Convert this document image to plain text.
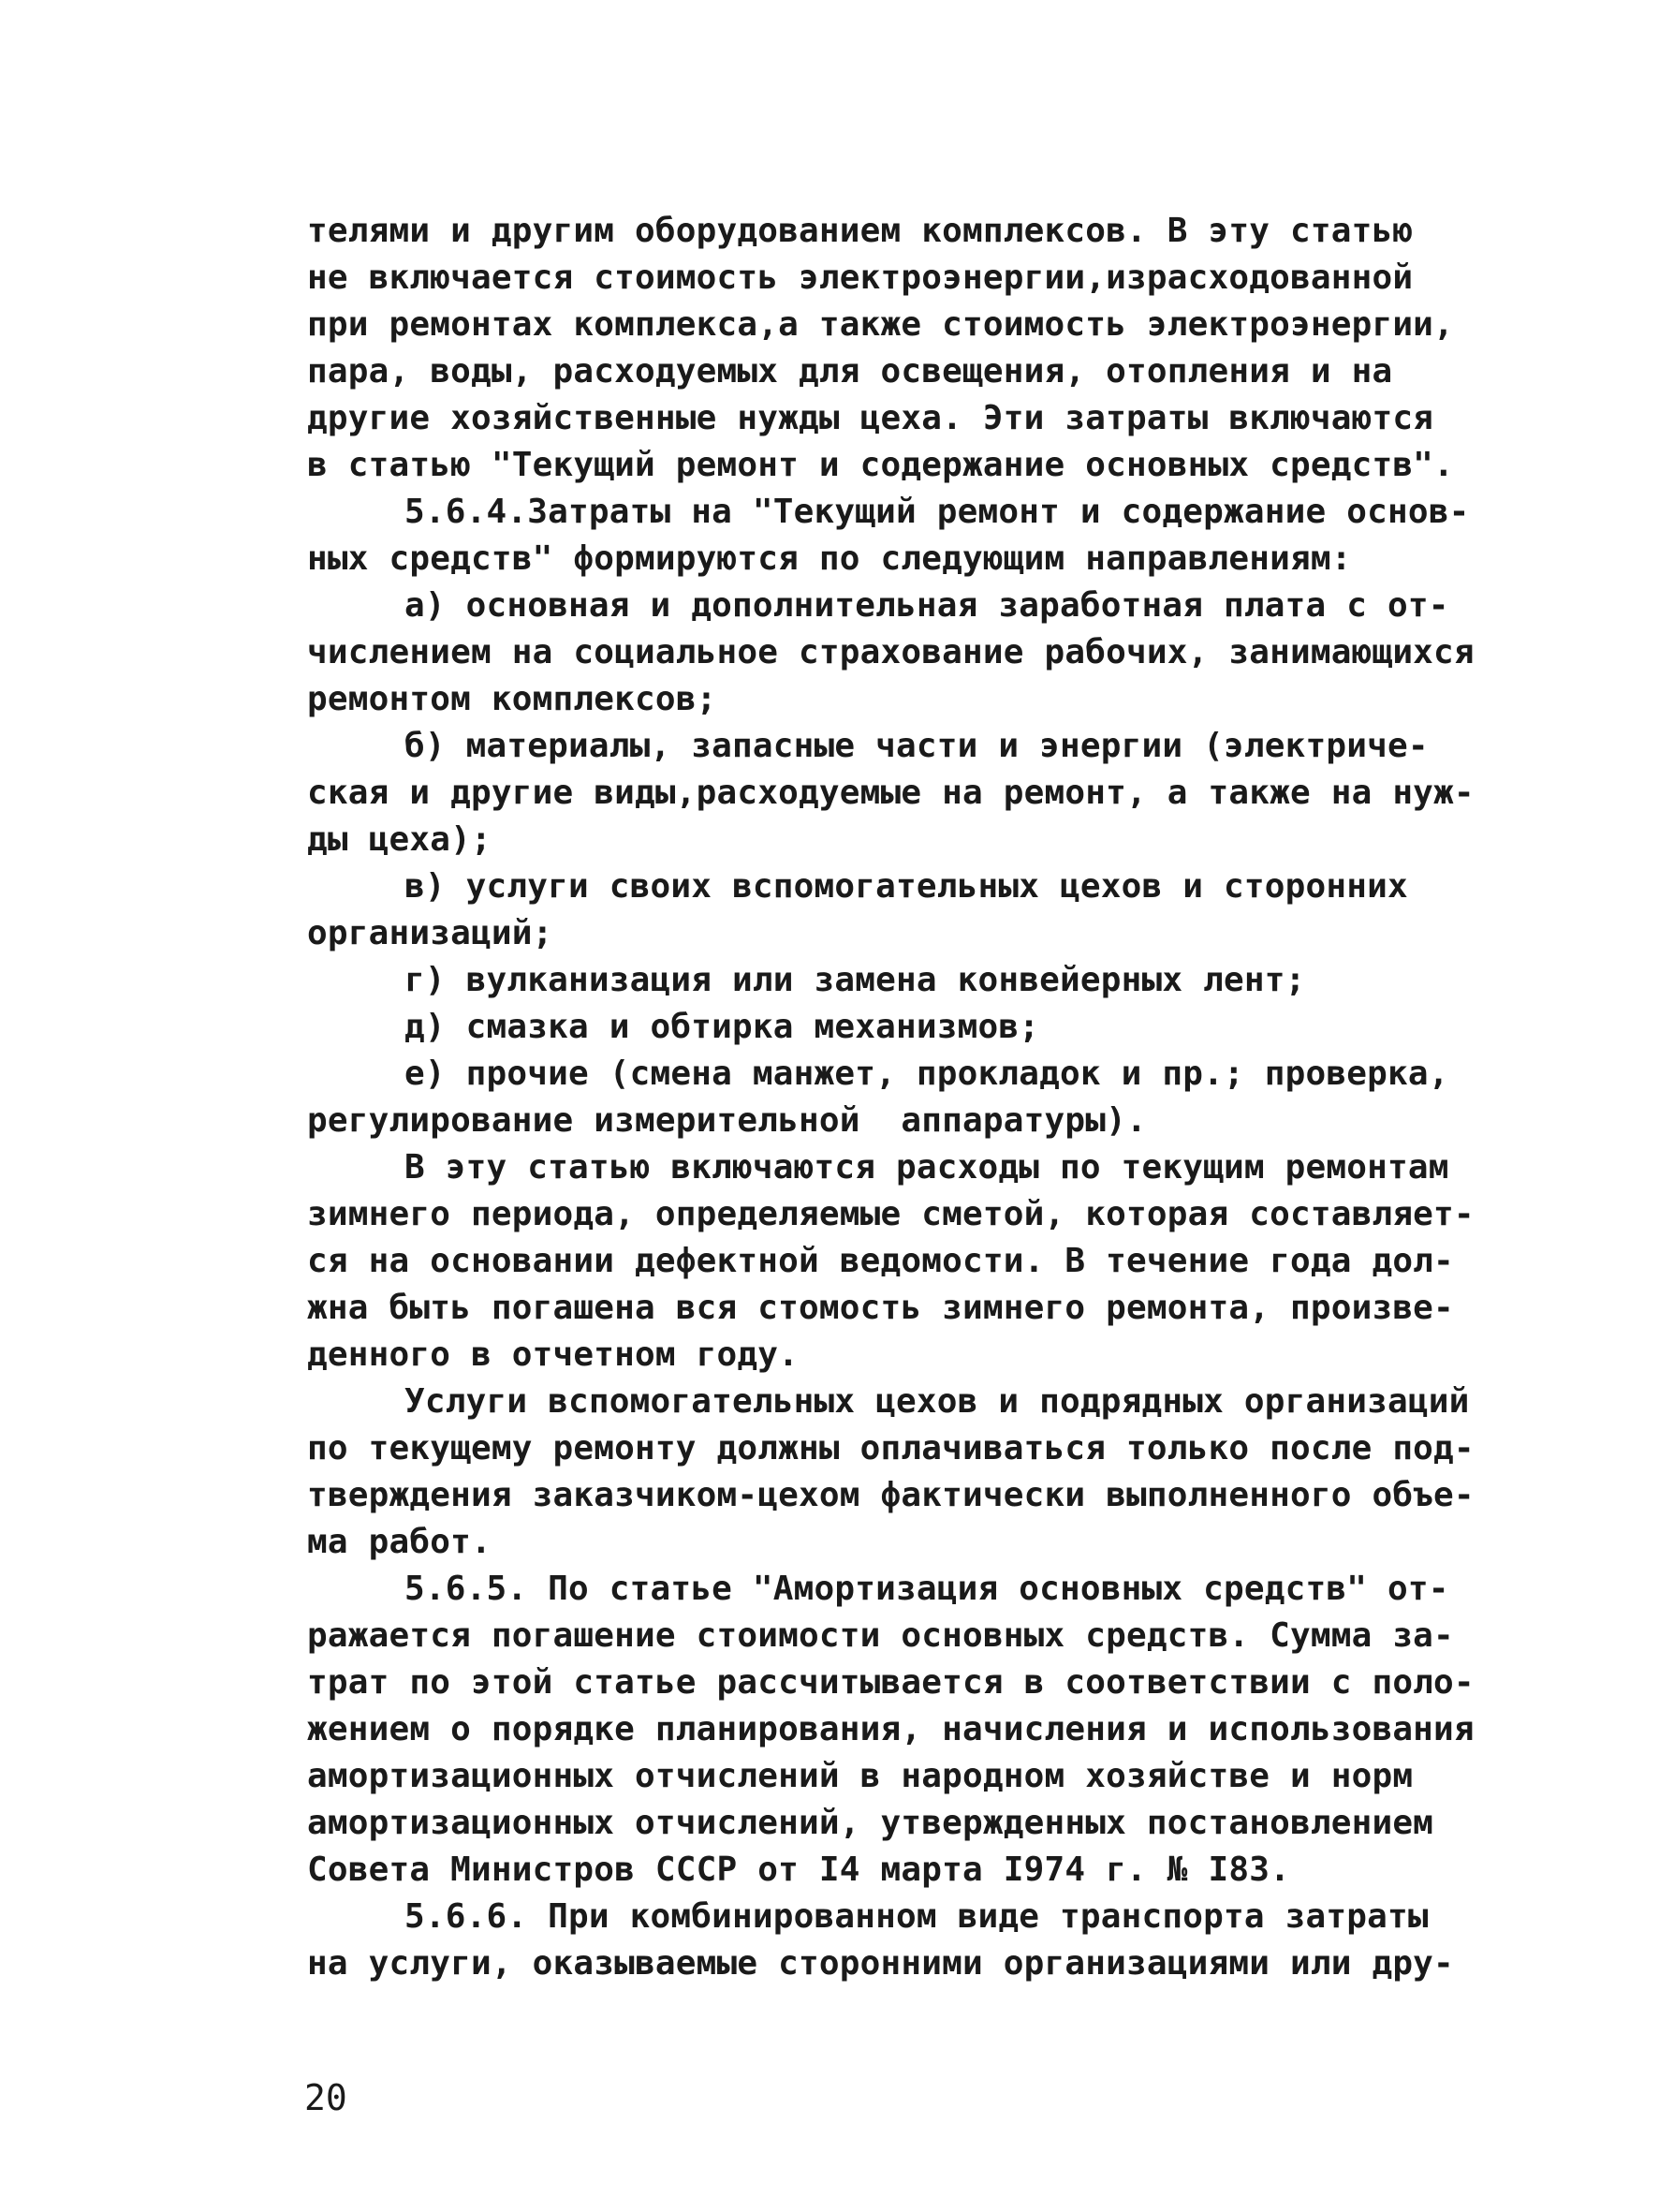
телями и другим оборудованием комплексов. В эту статью
не включается стоимость электроэнергии,израсходованной
при ремонтах комплекса,а также стоимость электроэнергии,
пара, воды, расходуемых для освещения, отопления и на
другие хозяйственные нужды цеха. Эти затраты включаются
в статью "Текущий ремонт и содержание основных средств".
5.6.4.Затраты на "Текущий ремонт и содержание основ-
ных средств" формируются по следующим направлениям:
а) основная и дополнительная заработная плата с от-
числением на социальное страхование рабочих, занимающихся
ремонтом комплексов;
б) материалы, запасные части и энергии (электриче-
ская и другие виды,расходуемые на ремонт, а также на нуж-
ды цеха);
в) услуги своих вспомогательных цехов и сторонних
организаций;
г) вулканизация или замена конвейерных лент;
д) смазка и обтирка механизмов;
е) прочие (смена манжет, прокладок и пр.; проверка,
регулирование измерительной  аппаратуры).
В эту статью включаются расходы по текущим ремонтам
зимнего периода, определяемые сметой, которая составляет-
ся на основании дефектной ведомости. В течение года дол-
жна быть погашена вся стомость зимнего ремонта, произве-
денного в отчетном году.
Услуги вспомогательных цехов и подрядных организаций
по текущему ремонту должны оплачиваться только после под-
тверждения заказчиком-цехом фактически выполненного объе-
ма работ.
5.6.5. По статье "Амортизация основных средств" от-
ражается погашение стоимости основных средств. Сумма за-
трат по этой статье рассчитывается в соответствии с поло-
жением о порядке планирования, начисления и использования
амортизационных отчислений в народном хозяйстве и норм
амортизационных отчислений, утвержденных постановлением
Совета Министров СССР от I4 марта I974 г. № I83.
5.6.6. При комбинированном виде транспорта затраты
на услуги, оказываемые сторонними организациями или дру-
20
